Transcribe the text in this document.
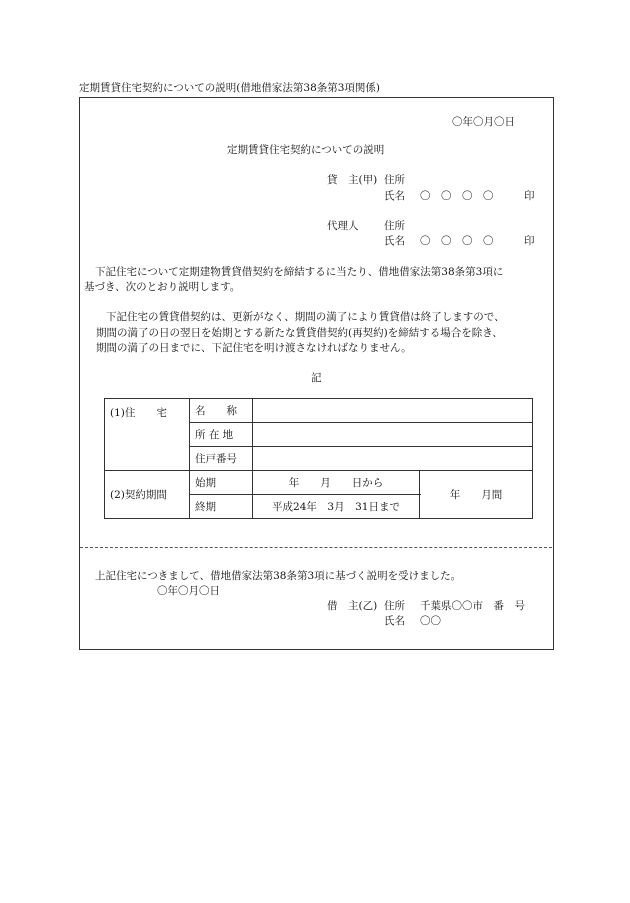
定期賃貸住宅契約についての説明(借地借家法第38条第3項関係)
〇年〇月〇日
定期賃貸住宅契約についての説明
貸　主(甲) 住所
氏名 〇　〇　〇　〇	印
代理人 住所
氏名 〇　〇　〇　〇	印
下記住宅について定期建物賃貸借契約を締結するに当たり、借地借家法第38条第3項に
基づき、次のとおり説明します。
下記住宅の賃貸借契約は、更新がなく、期間の満了により賃貸借は終了しますので、
期間の満了の日の翌日を始期とする新たな賃貸借契約(再契約)を締結する場合を除き、
期間の満了の日までに、下記住宅を明け渡さなければなりません。
記
(1)住　　宅	名　　称		
	所 在 地		
	住戸番号		
(2)契約期間	始期	年　　月　　日から	年　　月間
	終期	平成24年　3月　31日まで	
上記住宅につきまして、借地借家法第38条第3項に基づく説明を受けました。
〇年〇月〇日
借　主(乙) 住所 千葉県〇〇市　番　号
氏名 〇〇
